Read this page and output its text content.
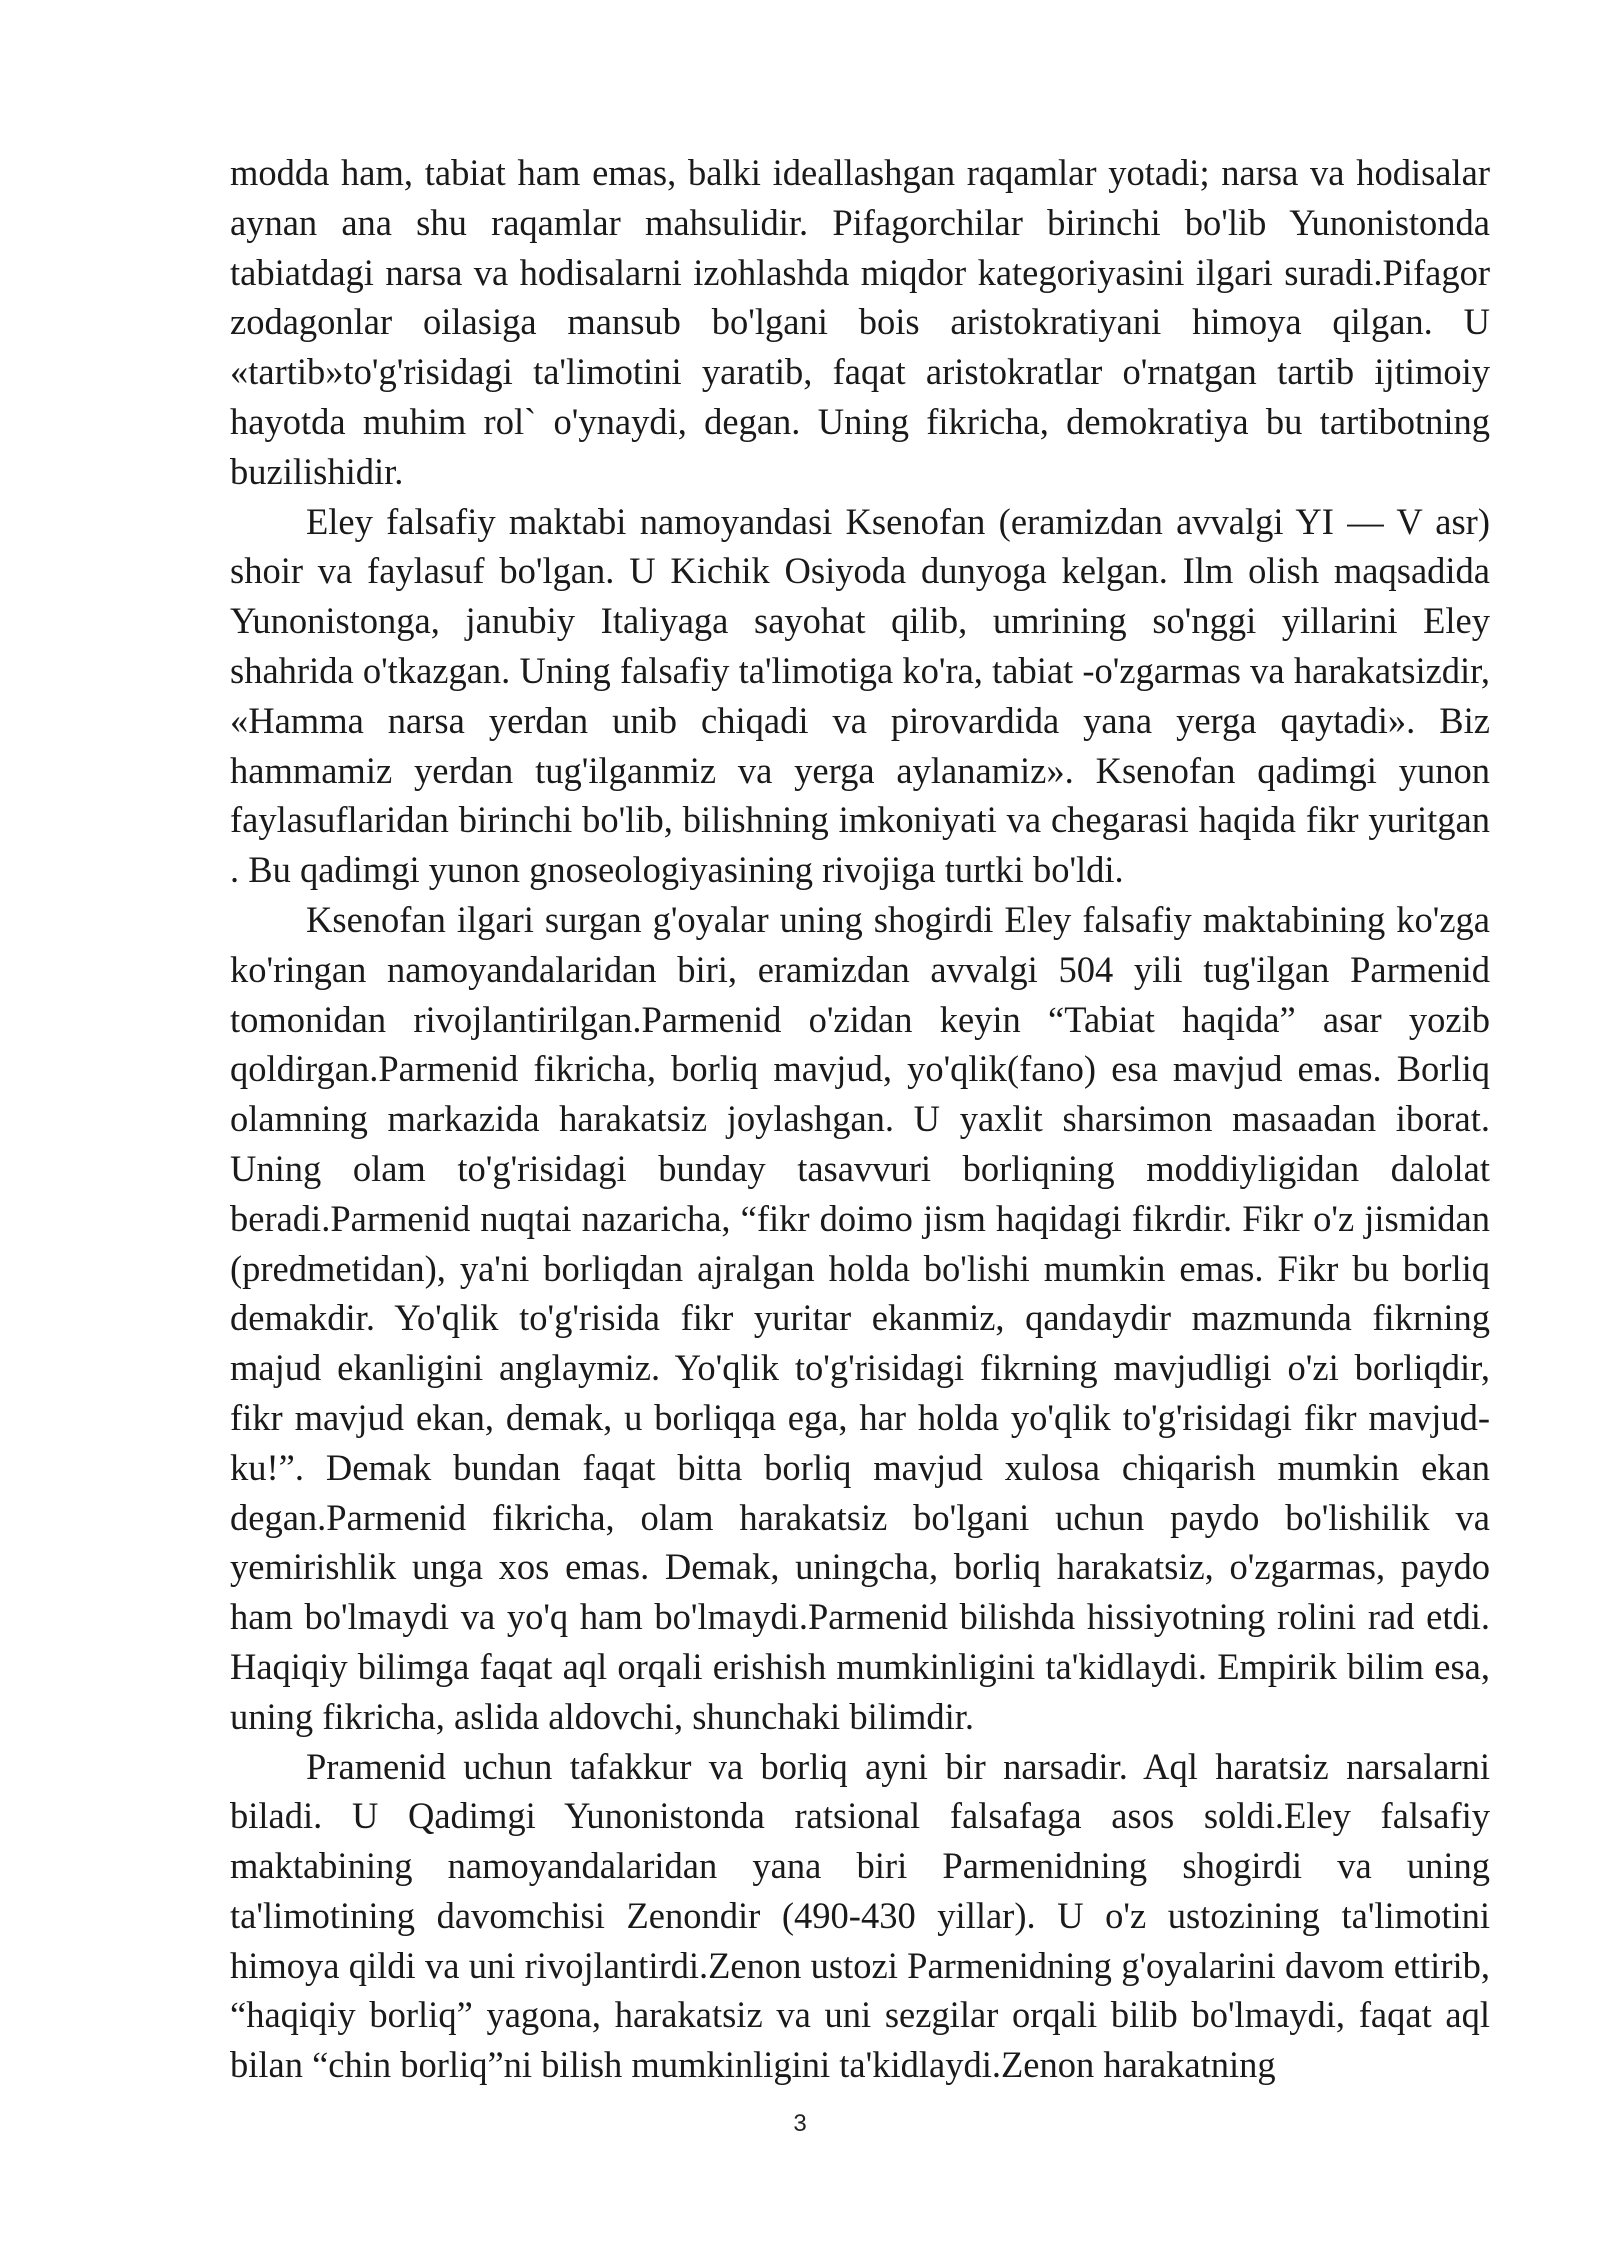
modda ham, tabiat ham emas, balki ideallashgan raqamlar yotadi; narsa va hodisalar aynan ana shu raqamlar mahsulidir. Pifagorchilar birinchi bo'lib Yunonistonda tabiatdagi narsa va hodisalarni izohlashda miqdor kategoriyasini ilgari suradi.Pifagor zodagonlar oilasiga mansub bo'lgani bois aristokratiyani himoya qilgan. U «tartib»to'g'risidagi ta'limotini yaratib, faqat aristokratlar o'rnatgan tartib ijtimoiy hayotda muhim rol` o'ynaydi, degan. Uning fikricha, demokratiya bu tartibotning buzilishidir.

Eley falsafiy maktabi namoyandasi Ksenofan (eramizdan avvalgi YI — V asr) shoir va faylasuf bo'lgan. U Kichik Osiyoda dunyoga kelgan. Ilm olish maqsadida Yunonistonga, janubiy Italiyaga sayohat qilib, umrining so'nggi yillarini Eley shahrida o'tkazgan. Uning falsafiy ta'limotiga ko'ra, tabiat -o'zgarmas va harakatsizdir, «Hamma narsa yerdan unib chiqadi va pirovardida yana yerga qaytadi». Biz hammamiz yerdan tug'ilganmiz va yerga aylanamiz». Ksenofan qadimgi yunon faylasuflaridan birinchi bo'lib, bilishning imkoniyati va chegarasi haqida fikr yuritgan . Bu qadimgi yunon gnoseologiyasining rivojiga turtki bo'ldi.

Ksenofan ilgari surgan g'oyalar uning shogirdi Eley falsafiy maktabining ko'zga ko'ringan namoyandalaridan biri, eramizdan avvalgi 504 yili tug'ilgan Parmenid tomonidan rivojlantirilgan.Parmenid o'zidan keyin “Tabiat haqida” asar yozib qoldirgan.Parmenid fikricha, borliq mavjud, yo'qlik(fano) esa mavjud emas. Borliq olamning markazida harakatsiz joylashgan. U yaxlit sharsimon masaadan iborat. Uning olam to'g'risidagi bunday tasavvuri borliqning moddiyligidan dalolat beradi.Parmenid nuqtai nazaricha, “fikr doimo jism haqidagi fikrdir. Fikr o'z jismidan (predmetidan), ya'ni borliqdan ajralgan holda bo'lishi mumkin emas. Fikr bu borliq demakdir. Yo'qlik to'g'risida fikr yuritar ekanmiz, qandaydir mazmunda fikrning majud ekanligini anglaymiz. Yo'qlik to'g'risidagi fikrning mavjudligi o'zi borliqdir, fikr mavjud ekan, demak, u borliqqa ega, har holda yo'qlik to'g'risidagi fikr mavjud-ku!”. Demak bundan faqat bitta borliq mavjud xulosa chiqarish mumkin ekan degan.Parmenid fikricha, olam harakatsiz bo'lgani uchun paydo bo'lishilik va yemirishlik unga xos emas. Demak, uningcha, borliq harakatsiz, o'zgarmas, paydo ham bo'lmaydi va yo'q ham bo'lmaydi.Parmenid bilishda hissiyotning rolini rad etdi. Haqiqiy bilimga faqat aql orqali erishish mumkinligini ta'kidlaydi. Empirik bilim esa, uning fikricha, aslida aldovchi, shunchaki bilimdir.

Pramenid uchun tafakkur va borliq ayni bir narsadir. Aql haratsiz narsalarni biladi. U Qadimgi Yunonistonda ratsional falsafaga asos soldi.Eley falsafiy maktabining namoyandalaridan yana biri Parmenidning shogirdi va uning ta'limotining davomchisi Zenondir (490-430 yillar). U o'z ustozining ta'limotini himoya qildi va uni rivojlantirdi.Zenon ustozi Parmenidning g'oyalarini davom ettirib, “haqiqiy borliq” yagona, harakatsiz va uni sezgilar orqali bilib bo'lmaydi, faqat aql bilan “chin borliq”ni bilish mumkinligini ta'kidlaydi.Zenon harakatning

3
